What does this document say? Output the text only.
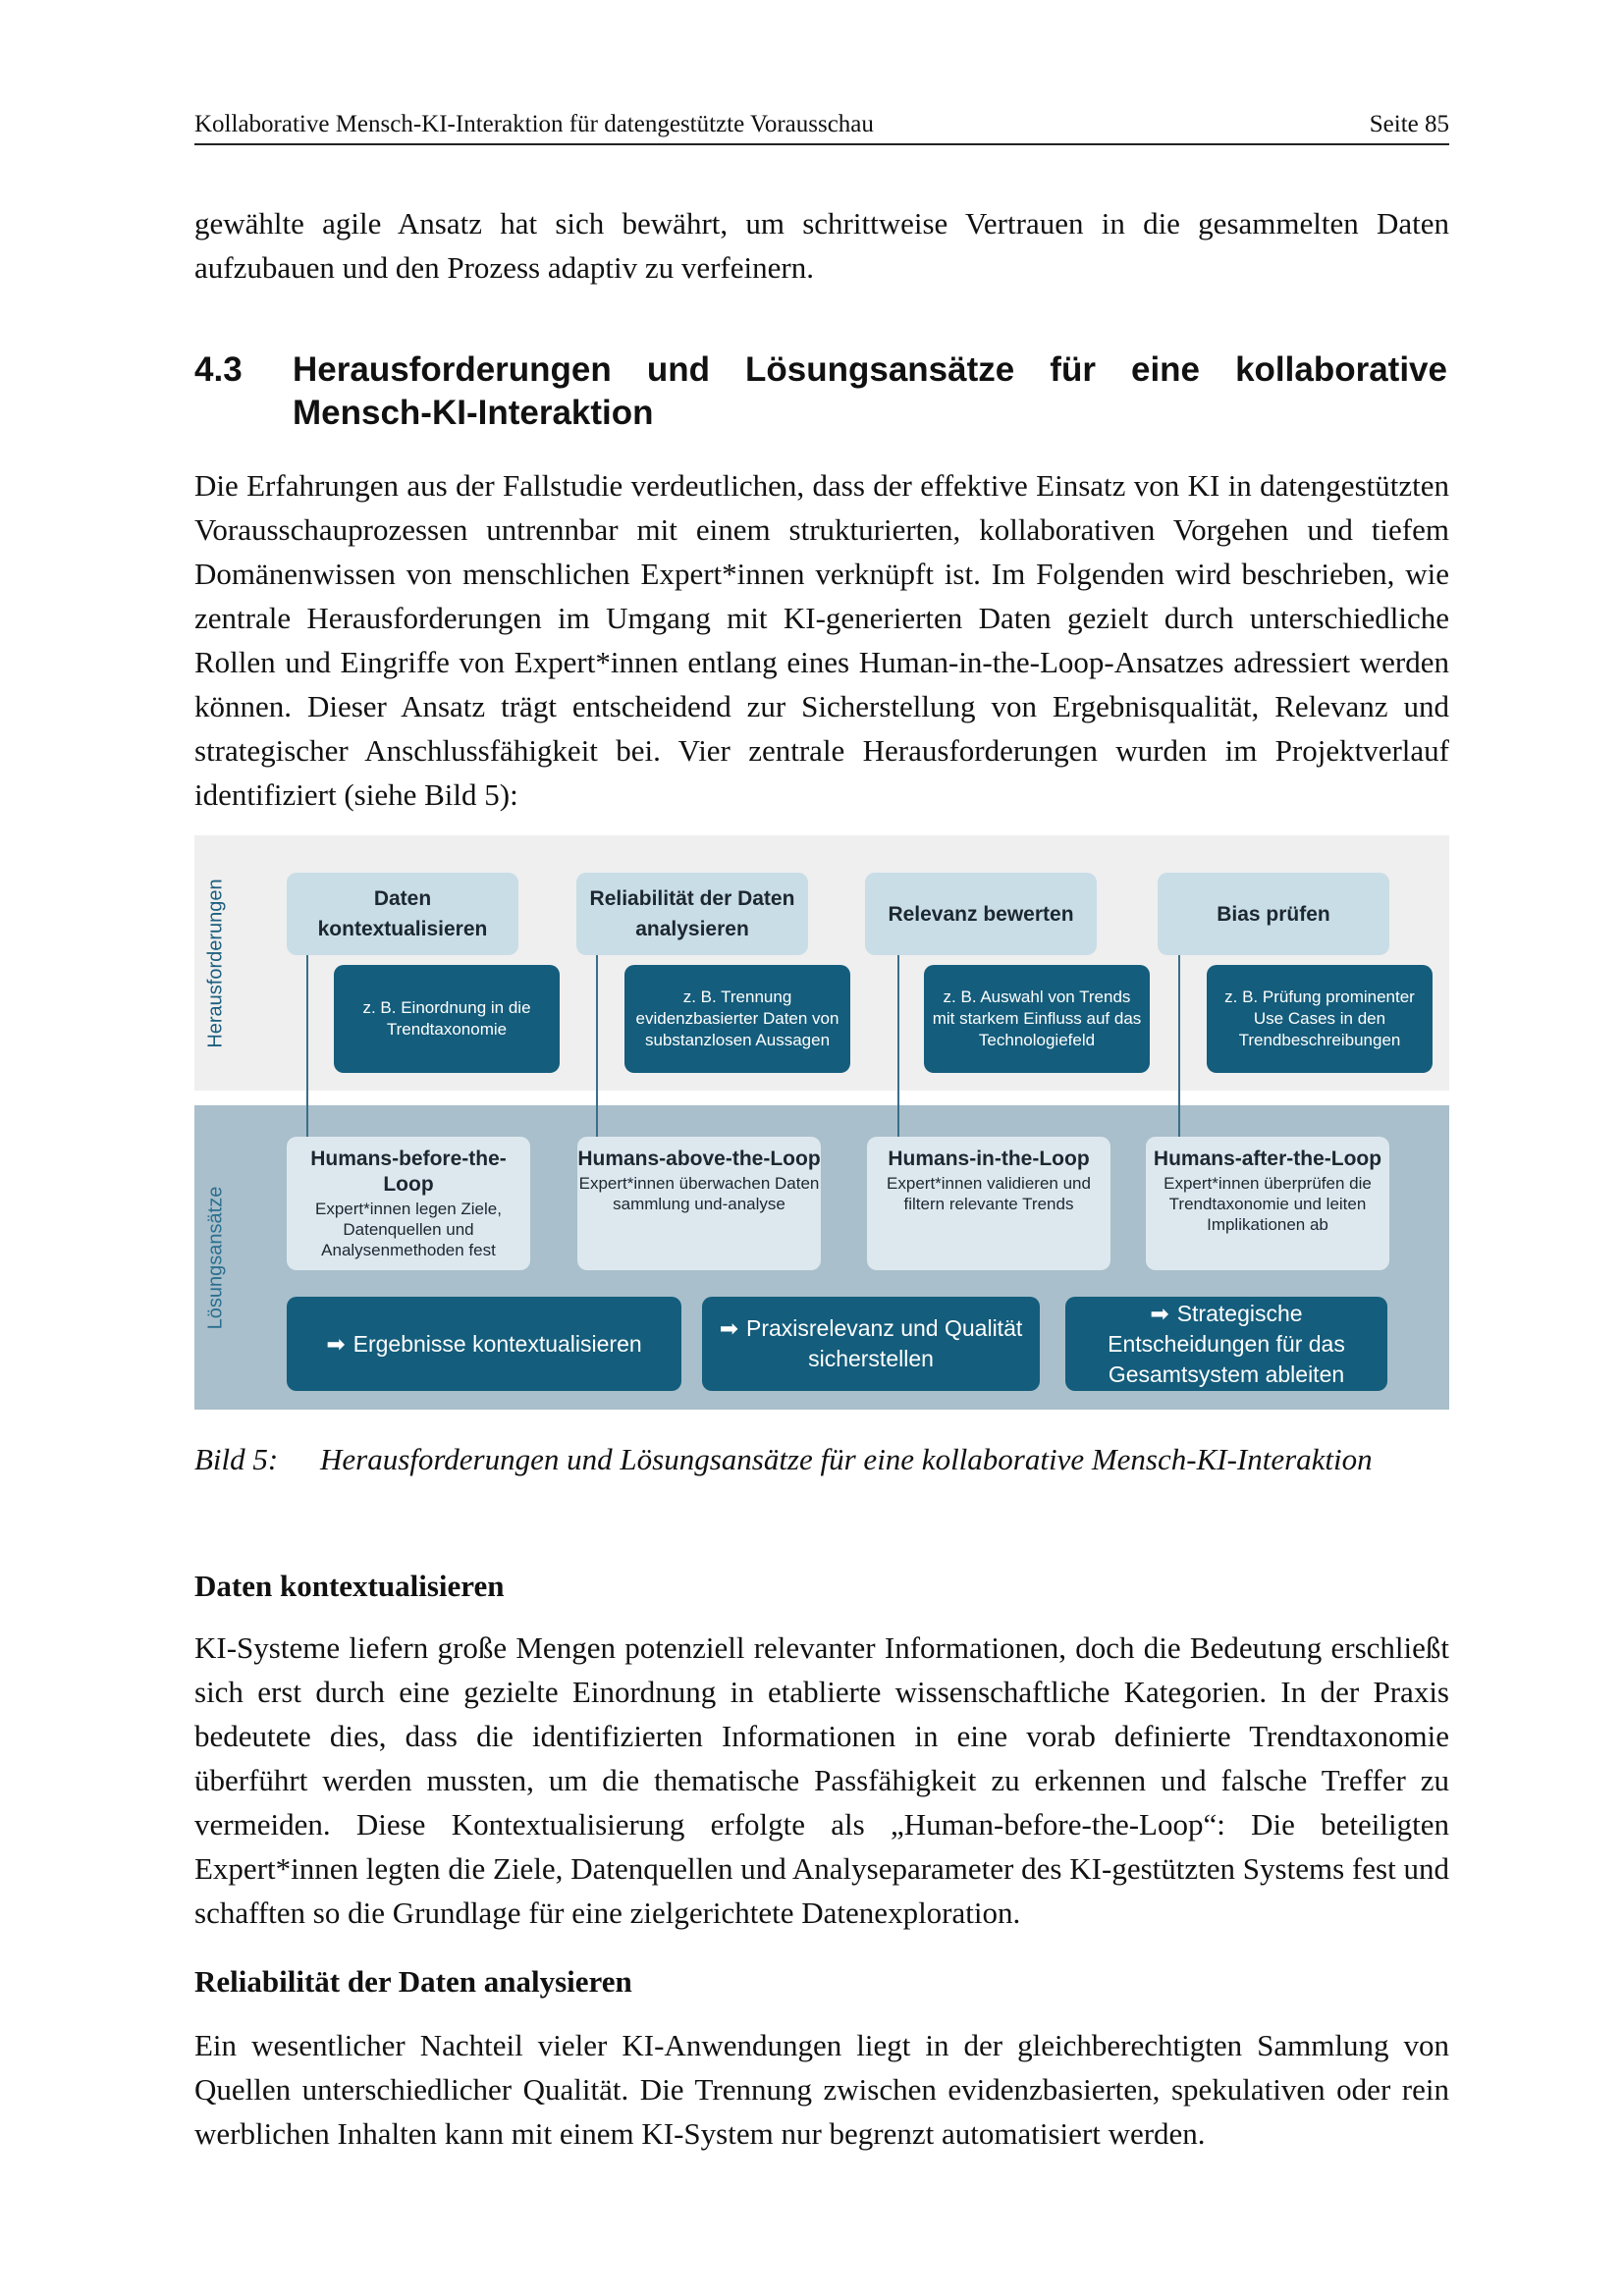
Kollaborative Mensch-KI-Interaktion für datengestützte Vorausschau	Seite 85

gewählte agile Ansatz hat sich bewährt, um schrittweise Vertrauen in die gesammelten Daten aufzubauen und den Prozess adaptiv zu verfeinern.

4.3 Herausforderungen und Lösungsansätze für eine kollaborative Mensch-KI-Interaktion

Die Erfahrungen aus der Fallstudie verdeutlichen, dass der effektive Einsatz von KI in datengestützten Vorausschauprozessen untrennbar mit einem strukturierten, kollaborativen Vorgehen und tiefem Domänenwissen von menschlichen Expert*innen verknüpft ist. Im Folgenden wird beschrieben, wie zentrale Herausforderungen im Umgang mit KI-generierten Daten gezielt durch unterschiedliche Rollen und Eingriffe von Expert*innen entlang eines Human-in-the-Loop-Ansatzes adressiert werden können. Dieser Ansatz trägt entscheidend zur Sicherstellung von Ergebnisqualität, Relevanz und strategischer Anschlussfähigkeit bei. Vier zentrale Herausforderungen wurden im Projektverlauf identifiziert (siehe Bild 5):

Herausforderungen
Lösungsansätze
Daten kontextualisieren
Reliabilität der Daten analysieren
Relevanz bewerten	Bias prüfen
z. B. Einordnung in die Trendtaxonomie
z. B. Trennung evidenzbasierter Daten von substanzlosen Aussagen
z. B. Auswahl von Trends mit starkem Einfluss auf das Technologiefeld
z. B. Prüfung prominenter Use Cases in den Trendbeschreibungen
Humans-before-the-Loop
Expert*innen legen Ziele, Datenquellen und Analysenmethoden fest
Humans-above-the-Loop
Expert*innen überwachen Daten sammlung und-analyse
Humans-in-the-Loop
Expert*innen validieren und filtern relevante Trends
Humans-after-the-Loop
Expert*innen überprüfen die Trendtaxonomie und leiten Implikationen ab
➡ Ergebnisse kontextualisieren
➡ Praxisrelevanz und Qualität sicherstellen
➡ Strategische Entscheidungen für das Gesamtsystem ableiten
Bild 5: Herausforderungen und Lösungsansätze für eine kollaborative Mensch-KI-Interaktion

Daten kontextualisieren

KI-Systeme liefern große Mengen potenziell relevanter Informationen, doch die Bedeutung erschließt sich erst durch eine gezielte Einordnung in etablierte wissenschaftliche Kategorien. In der Praxis bedeutete dies, dass die identifizierten Informationen in eine vorab definierte Trendtaxonomie überführt werden mussten, um die thematische Passfähigkeit zu erkennen und falsche Treffer zu vermeiden. Diese Kontextualisierung erfolgte als „Human-before-the-Loop“: Die beteiligten Expert*innen legten die Ziele, Datenquellen und Analyseparameter des KI-gestützten Systems fest und schafften so die Grundlage für eine zielgerichtete Datenexploration.

Reliabilität der Daten analysieren

Ein wesentlicher Nachteil vieler KI-Anwendungen liegt in der gleichberechtigten Sammlung von Quellen unterschiedlicher Qualität. Die Trennung zwischen evidenzbasierten, spekulativen oder rein werblichen Inhalten kann mit einem KI-System nur begrenzt automatisiert werden.
